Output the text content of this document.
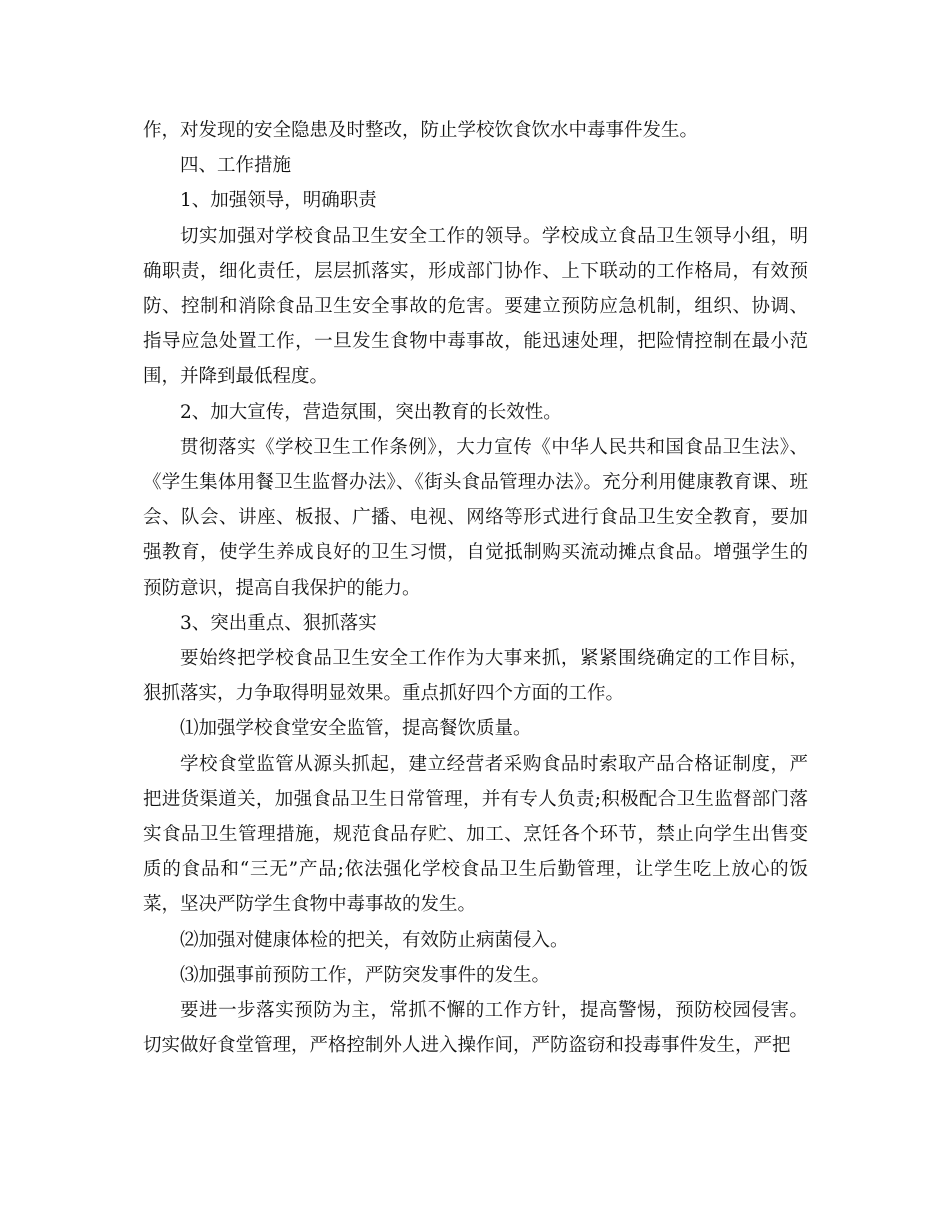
作，对发现的安全隐患及时整改，防止学校饮食饮水中毒事件发生。

四、工作措施

1、加强领导，明确职责

切实加强对学校食品卫生安全工作的领导。学校成立食品卫生领导小组，明确职责，细化责任，层层抓落实，形成部门协作、上下联动的工作格局，有效预防、控制和消除食品卫生安全事故的危害。要建立预防应急机制，组织、协调、指导应急处置工作，一旦发生食物中毒事故，能迅速处理，把险情控制在最小范围，并降到最低程度。

2、加大宣传，营造氛围，突出教育的长效性。

贯彻落实《学校卫生工作条例》，大力宣传《中华人民共和国食品卫生法》、《学生集体用餐卫生监督办法》、《街头食品管理办法》。充分利用健康教育课、班会、队会、讲座、板报、广播、电视、网络等形式进行食品卫生安全教育，要加强教育，使学生养成良好的卫生习惯，自觉抵制购买流动摊点食品。增强学生的预防意识，提高自我保护的能力。

3、突出重点、狠抓落实

要始终把学校食品卫生安全工作作为大事来抓，紧紧围绕确定的工作目标，狠抓落实，力争取得明显效果。重点抓好四个方面的工作。

⑴加强学校食堂安全监管，提高餐饮质量。

学校食堂监管从源头抓起，建立经营者采购食品时索取产品合格证制度，严把进货渠道关，加强食品卫生日常管理，并有专人负责;积极配合卫生监督部门落实食品卫生管理措施，规范食品存贮、加工、烹饪各个环节，禁止向学生出售变质的食品和“三无”产品;依法强化学校食品卫生后勤管理，让学生吃上放心的饭菜，坚决严防学生食物中毒事故的发生。

⑵加强对健康体检的把关，有效防止病菌侵入。

⑶加强事前预防工作，严防突发事件的发生。

要进一步落实预防为主，常抓不懈的工作方针，提高警惕，预防校园侵害。切实做好食堂管理，严格控制外人进入操作间，严防盗窃和投毒事件发生，严把
